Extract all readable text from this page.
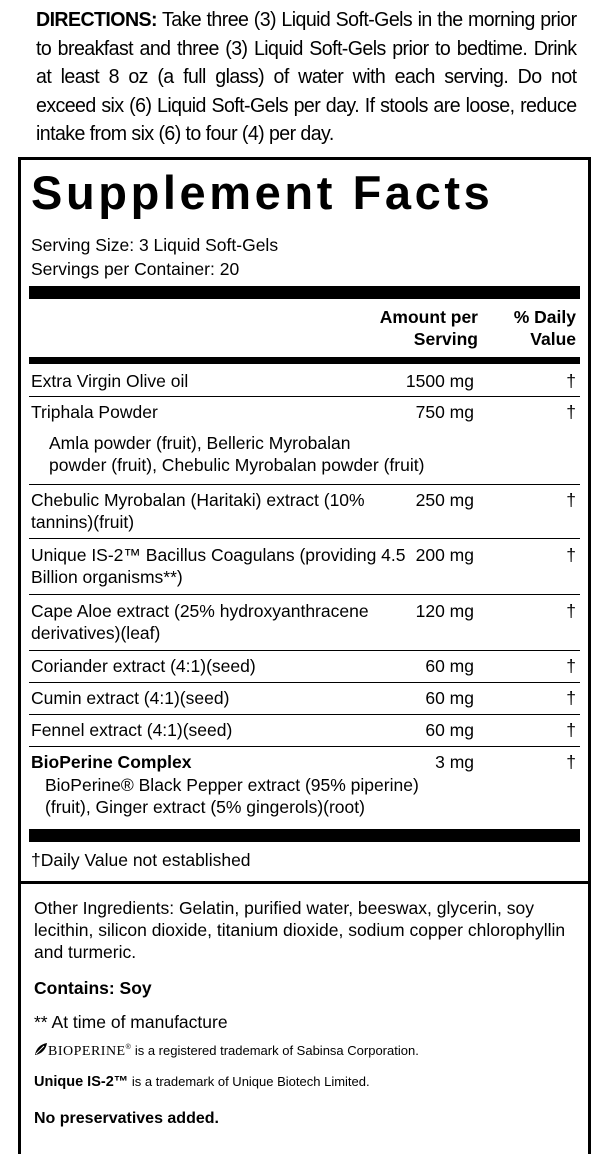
DIRECTIONS: Take three (3) Liquid Soft-Gels in the morning prior to breakfast and three (3) Liquid Soft-Gels prior to bedtime. Drink at least 8 oz (a full glass) of water with each serving. Do not exceed six (6) Liquid Soft-Gels per day. If stools are loose, reduce intake from six (6) to four (4) per day.
Supplement Facts
Serving Size: 3 Liquid Soft-Gels
Servings per Container: 20
Amount per
Serving
% Daily
Value
Extra Virgin Olive oil	1500 mg	†
Triphala Powder	750 mg	†
Amla powder (fruit), Belleric Myrobalan
powder (fruit), Chebulic Myrobalan powder (fruit)
Chebulic Myrobalan (Haritaki) extract (10%
tannins)(fruit)
250 mg	†
Unique IS-2™ Bacillus Coagulans (providing 4.5
Billion organisms**)
200 mg	†
Cape Aloe extract (25% hydroxyanthracene
derivatives)(leaf)
120 mg	†
Coriander extract (4:1)(seed)	60 mg	†
Cumin extract (4:1)(seed)	60 mg	†
Fennel extract (4:1)(seed)	60 mg	†
BioPerine Complex	3 mg	†
BioPerine® Black Pepper extract (95% piperine)
(fruit), Ginger extract (5% gingerols)(root)
†Daily Value not established
Other Ingredients: Gelatin, purified water, beeswax, glycerin, soy lecithin, silicon dioxide, titanium dioxide, sodium copper chlorophyllin and turmeric.
Contains: Soy
** At time of manufacture
BIOPERINE® is a registered trademark of Sabinsa Corporation.
Unique IS-2™ is a trademark of Unique Biotech Limited.
No preservatives added.
